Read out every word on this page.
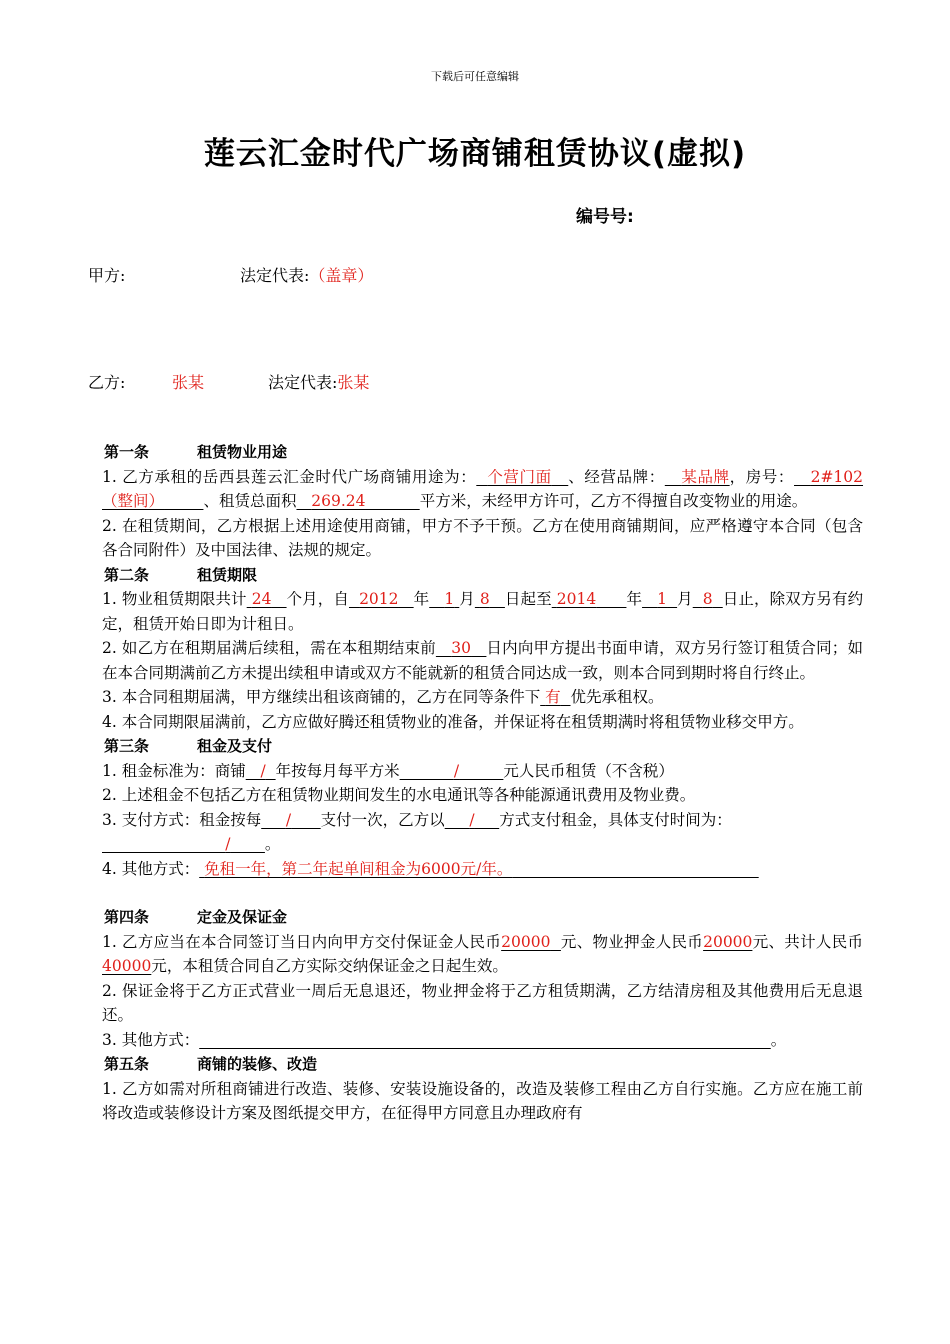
下载后可任意编辑
莲云汇金时代广场商铺租赁协议(虚拟)
编号号:
甲方:	法定代表:（盖章）
乙方:	张某	法定代表:张某

第一条	租赁物业用途

1. 乙方承租的岳西县莲云汇金时代广场商铺用途为： 个营门面 、经营品牌： 某品牌，房号： 2#102（整间）	、租赁总面积 269.24	平方米，未经甲方许可，乙方不得擅自改变物业的用途。

2. 在租赁期间，乙方根据上述用途使用商铺，甲方不予干预。乙方在使用商铺期间，应严格遵守本合同（包含各合同附件）及中国法律、法规的规定。

第二条	租赁期限

1. 物业租赁期限共计 24 个月，自 2012 年 1 月 8 日起至 2014 年 1 月 8 日止，除双方另有约定，租赁开始日即为计租日。

2. 如乙方在租期届满后续租，需在本租期结束前 30 日内向甲方提出书面申请，双方另行签订租赁合同；如在本合同期满前乙方未提出续租申请或双方不能就新的租赁合同达成一致，则本合同到期时将自行终止。

3. 本合同租期届满，甲方继续出租该商铺的，乙方在同等条件下 有 优先承租权。

4. 本合同期限届满前，乙方应做好腾还租赁物业的准备，并保证将在租赁期满时将租赁物业移交甲方。

第三条	租金及支付

1. 租金标准为：商铺 / 年按每月每平方米	/	元人民币租赁（不含税）

2. 上述租金不包括乙方在租赁物业期间发生的水电通讯等各种能源通讯费用及物业费。

3. 支付方式：租金按每 / 支付一次，乙方以 / 方式支付租金，具体支付时间为：
/ 。

4. 其他方式： 免租一年，第二年起单间租金为6000元/年。

第四条	定金及保证金

1. 乙方应当在本合同签订当日内向甲方交付保证金人民币20000 元、物业押金人民币20000元、共计人民币40000元，本租赁合同自乙方实际交纳保证金之日起生效。

2. 保证金将于乙方正式营业一周后无息退还，物业押金将于乙方租赁期满，乙方结清房租及其他费用后无息退还。

3. 其他方式：	。

第五条	商铺的装修、改造

1. 乙方如需对所租商铺进行改造、装修、安装设施设备的，改造及装修工程由乙方自行实施。乙方应在施工前将改造或装修设计方案及图纸提交甲方，在征得甲方同意且办理政府有
